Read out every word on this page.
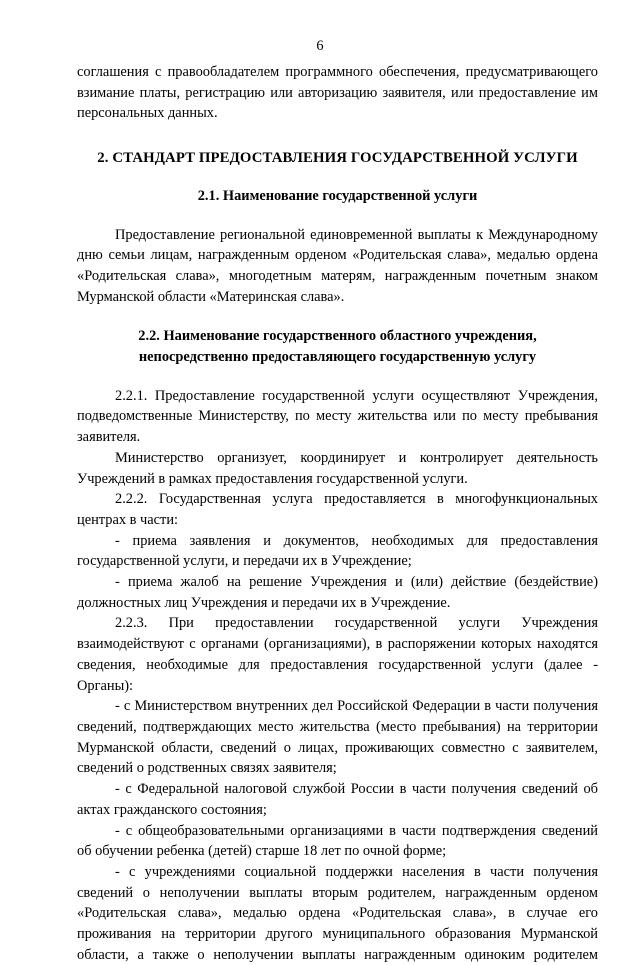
6

соглашения с правообладателем программного обеспечения, предусматривающего взимание платы, регистрацию или авторизацию заявителя, или предоставление им персональных данных.

2. СТАНДАРТ ПРЕДОСТАВЛЕНИЯ ГОСУДАРСТВЕННОЙ УСЛУГИ

2.1. Наименование государственной услуги

Предоставление региональной единовременной выплаты к Международному дню семьи лицам, награжденным орденом «Родительская слава», медалью ордена «Родительская слава», многодетным матерям, награжденным почетным знаком Мурманской области «Материнская слава».

2.2. Наименование государственного областного учреждения,

непосредственно предоставляющего государственную услугу

2.2.1. Предоставление государственной услуги осуществляют Учреждения, подведомственные Министерству, по месту жительства или по месту пребывания заявителя.

Министерство организует, координирует и контролирует деятельность Учреждений в рамках предоставления государственной услуги.

2.2.2. Государственная услуга предоставляется в многофункциональных центрах в части:

- приема заявления и документов, необходимых для предоставления государственной услуги, и передачи их в Учреждение;

- приема жалоб на решение Учреждения и (или) действие (бездействие) должностных лиц Учреждения и передачи их в Учреждение.

2.2.3. При предоставлении государственной услуги Учреждения взаимодействуют с органами (организациями), в распоряжении которых находятся сведения, необходимые для предоставления государственной услуги (далее - Органы):

- с Министерством внутренних дел Российской Федерации в части получения сведений, подтверждающих место жительства (место пребывания) на территории Мурманской области, сведений о лицах, проживающих совместно с заявителем, сведений о родственных связях заявителя;

- с Федеральной налоговой службой России в части получения сведений об актах гражданского состояния;

- с общеобразовательными организациями в части подтверждения сведений об обучении ребенка (детей) старше 18 лет по очной форме;

- с учреждениями социальной поддержки населения в части получения сведений о неполучении выплаты вторым родителем, награжденным орденом «Родительская слава», медалью ордена «Родительская слава», в случае его проживания на территории другого муниципального образования Мурманской области, а также о неполучении выплаты награжденным одиноким родителем
